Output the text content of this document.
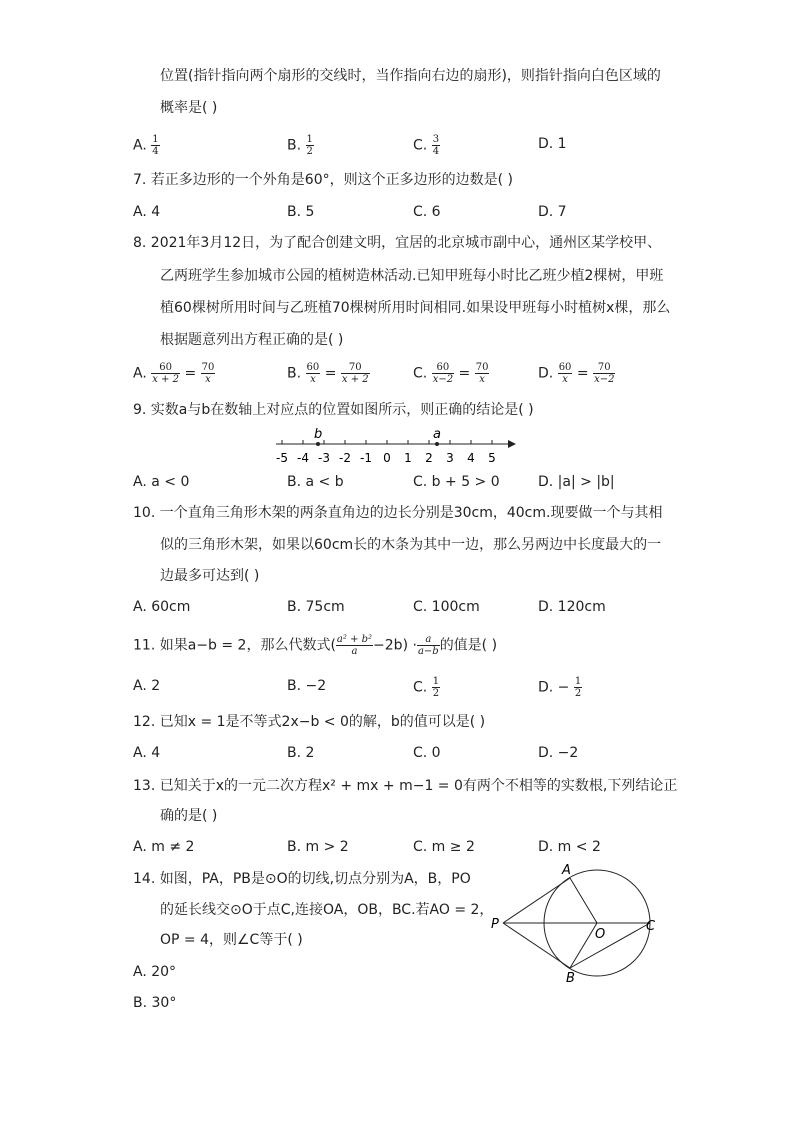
位置(指针指向两个扇形的交线时，当作指向右边的扇形)，则指针指向白色区域的
概率是( )
A. $\frac{1}{4}$	B. $\frac{1}{2}$	C. $\frac{3}{4}$	D. 1
7. 若正多边形的一个外角是60°，则这个正多边形的边数是( )
A. 4	B. 5	C. 6	D. 7
8. 2021年3月12日，为了配合创建文明，宜居的北京城市副中心，通州区某学校甲、
乙两班学生参加城市公园的植树造林活动.已知甲班每小时比乙班少植2棵树，甲班
植60棵树所用时间与乙班植70棵树所用时间相同.如果设甲班每小时植树x棵，那么
根据题意列出方程正确的是( )
A. $\frac{60}{x + 2} = \frac{70}{x}$	B. $\frac{60}{x} = \frac{70}{x + 2}$	C. $\frac{60}{x-2} = \frac{70}{x}$	D. $\frac{60}{x} = \frac{70}{x-2}$
9. 实数a与b在数轴上对应点的位置如图所示，则正确的结论是( )
-5 -4 -3 -2 -1 0 1 2 3 4 5
b	a
A. a < 0	B. a < b	C. b + 5 > 0	D. |a| > |b|
10. 一个直角三角形木架的两条直角边的边长分别是30cm，40cm.现要做一个与其相
似的三角形木架，如果以60cm长的木条为其中一边，那么另两边中长度最大的一
边最多可达到( )
A. 60cm	B. 75cm	C. 100cm	D. 120cm
11. 如果a−b = 2，那么代数式( $\frac{\text{a² + b²}}{a} -2b) \cdot \frac{a}{a-b}$ 的值是( )
A. 2	B. −2	C. $\frac{1}{2}$	D. − $\frac{1}{2}$
12. 已知x = 1是不等式2x−b < 0的解，b的值可以是( )
A. 4	B. 2	C. 0	D. −2
13. 已知关于x的一元二次方程x² + mx + m−1 = 0有两个不相等的实数根,下列结论正
确的是( )
A. m ≠ 2	B. m > 2	C. m ≥ 2	D. m < 2
14. 如图，PA，PB是⊙O的切线,切点分别为A，B，PO
的延长线交⊙O于点C,连接OA，OB，BC.若AO = 2，
OP = 4，则∠C等于( )
A. 20°
B. 30°
A
B
C
O
P
